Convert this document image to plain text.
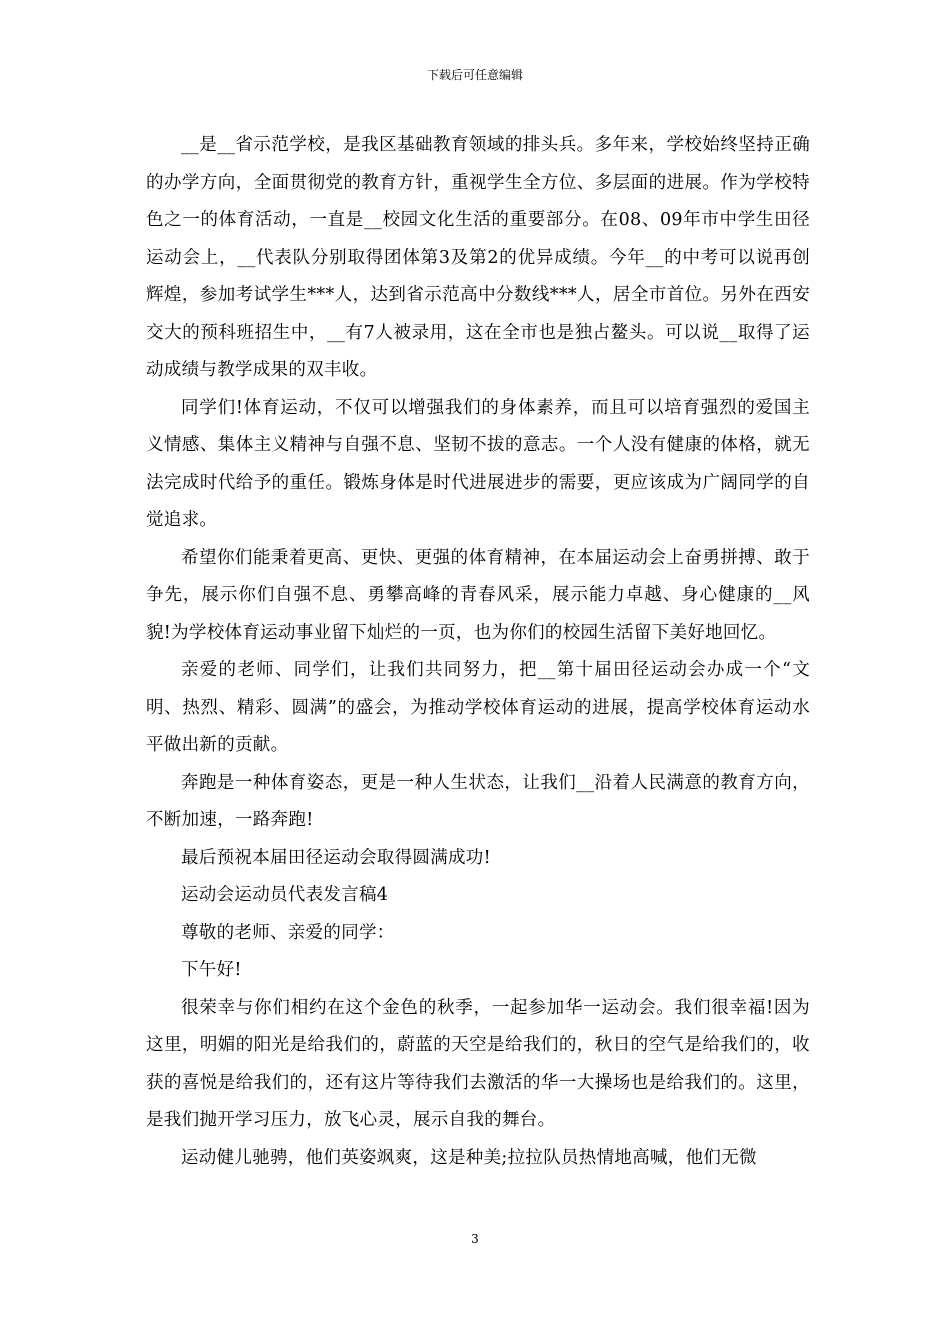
下载后可任意编辑

__是__省示范学校，是我区基础教育领域的排头兵。多年来，学校始终坚持正确的办学方向，全面贯彻党的教育方针，重视学生全方位、多层面的进展。作为学校特色之一的体育活动，一直是__校园文化生活的重要部分。在08、09年市中学生田径运动会上，__代表队分别取得团体第3及第2的优异成绩。今年__的中考可以说再创辉煌，参加考试学生***人，达到省示范高中分数线***人，居全市首位。另外在西安交大的预科班招生中，__有7人被录用，这在全市也是独占鳌头。可以说__取得了运动成绩与教学成果的双丰收。

同学们!体育运动，不仅可以增强我们的身体素养，而且可以培育强烈的爱国主义情感、集体主义精神与自强不息、坚韧不拔的意志。一个人没有健康的体格，就无法完成时代给予的重任。锻炼身体是时代进展进步的需要，更应该成为广阔同学的自觉追求。

希望你们能秉着更高、更快、更强的体育精神，在本届运动会上奋勇拼搏、敢于争先，展示你们自强不息、勇攀高峰的青春风采，展示能力卓越、身心健康的__风貌!为学校体育运动事业留下灿烂的一页，也为你们的校园生活留下美好地回忆。

亲爱的老师、同学们，让我们共同努力，把__第十届田径运动会办成一个“文明、热烈、精彩、圆满”的盛会，为推动学校体育运动的进展，提高学校体育运动水平做出新的贡献。

奔跑是一种体育姿态，更是一种人生状态，让我们__沿着人民满意的教育方向，不断加速，一路奔跑!

最后预祝本届田径运动会取得圆满成功!

运动会运动员代表发言稿4

尊敬的老师、亲爱的同学：

下午好!

很荣幸与你们相约在这个金色的秋季，一起参加华一运动会。我们很幸福!因为这里，明媚的阳光是给我们的，蔚蓝的天空是给我们的，秋日的空气是给我们的，收获的喜悦是给我们的，还有这片等待我们去激活的华一大操场也是给我们的。这里，是我们抛开学习压力，放飞心灵，展示自我的舞台。

运动健儿驰骋，他们英姿飒爽，这是种美;拉拉队员热情地高喊，他们无微

3
